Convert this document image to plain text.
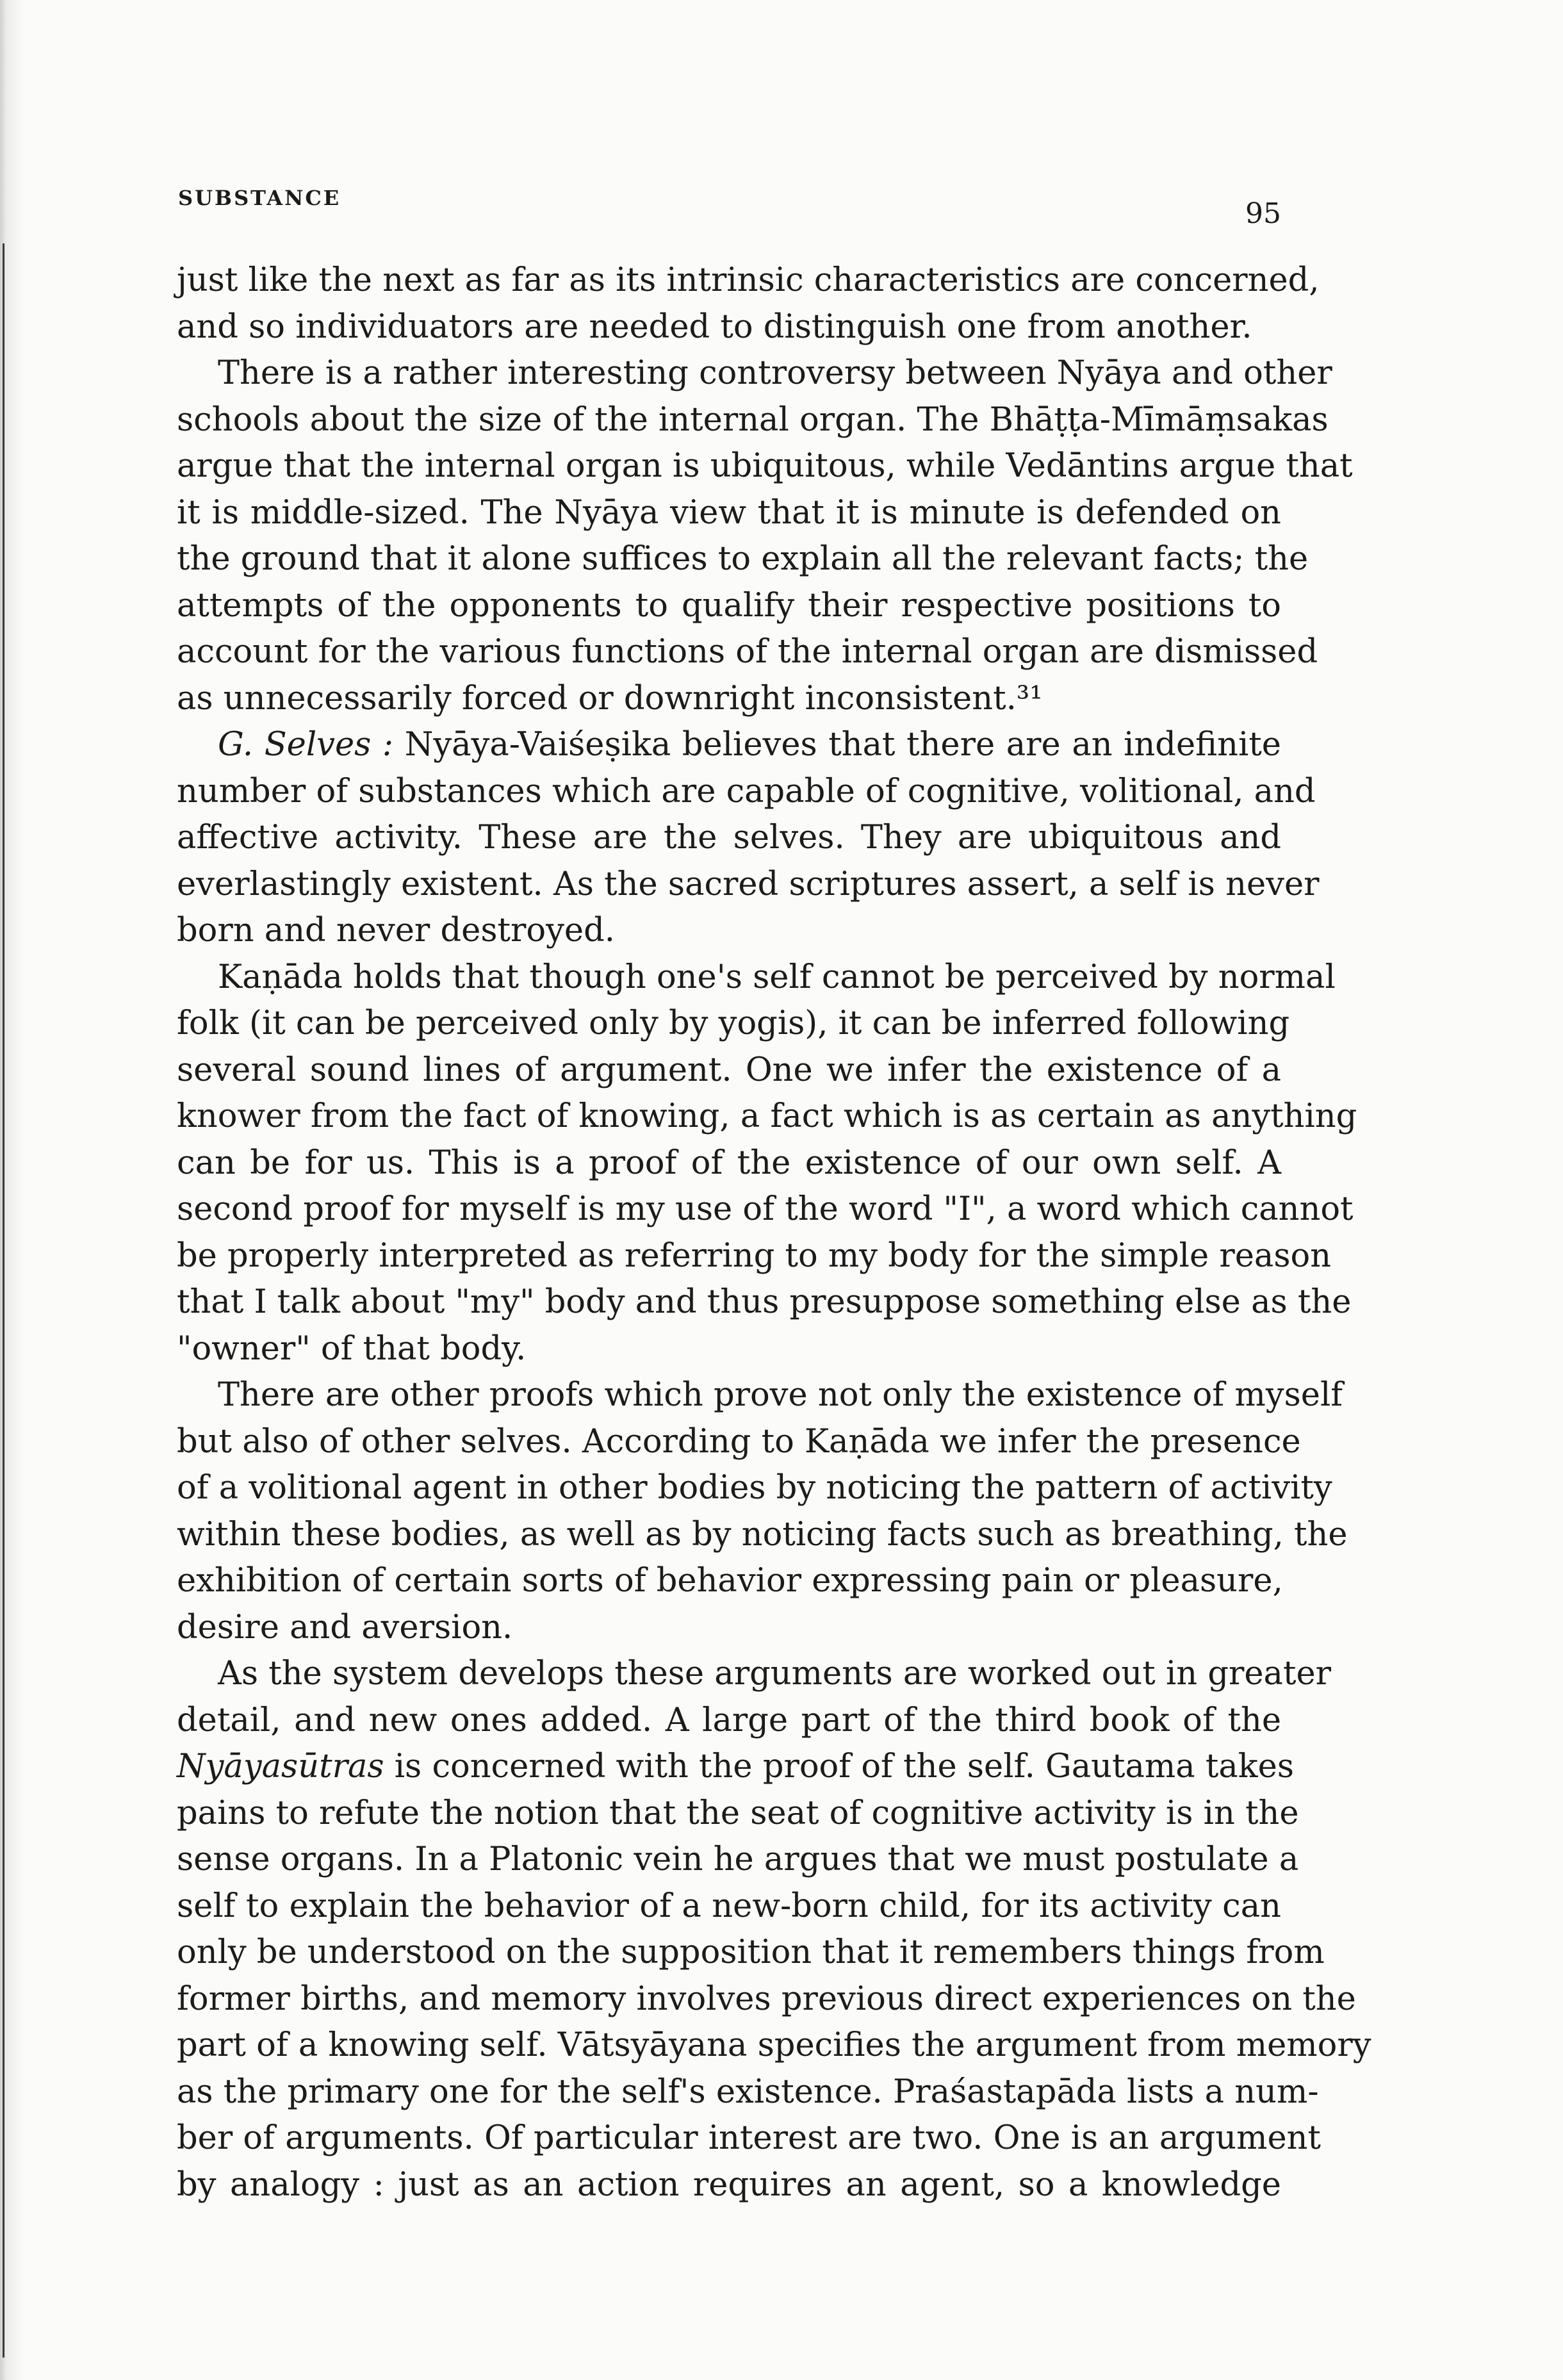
SUBSTANCE	95
just like the next as far as its intrinsic characteristics are concerned,
and so individuators are needed to distinguish one from another.
There is a rather interesting controversy between Nyāya and other
schools about the size of the internal organ. The Bhāṭṭa-Mīmāṃsakas
argue that the internal organ is ubiquitous, while Vedāntins argue that
it is middle-sized. The Nyāya view that it is minute is defended on
the ground that it alone suffices to explain all the relevant facts; the
attempts of the opponents to qualify their respective positions to
account for the various functions of the internal organ are dismissed
as unnecessarily forced or downright inconsistent.³¹
G. Selves : Nyāya-Vaiśeṣika believes that there are an indefinite
number of substances which are capable of cognitive, volitional, and
affective activity. These are the selves. They are ubiquitous and
everlastingly existent. As the sacred scriptures assert, a self is never
born and never destroyed.
Kaṇāda holds that though one's self cannot be perceived by normal
folk (it can be perceived only by yogis), it can be inferred following
several sound lines of argument. One we infer the existence of a
knower from the fact of knowing, a fact which is as certain as anything
can be for us. This is a proof of the existence of our own self. A
second proof for myself is my use of the word "I", a word which cannot
be properly interpreted as referring to my body for the simple reason
that I talk about "my" body and thus presuppose something else as the
"owner" of that body.
There are other proofs which prove not only the existence of myself
but also of other selves. According to Kaṇāda we infer the presence
of a volitional agent in other bodies by noticing the pattern of activity
within these bodies, as well as by noticing facts such as breathing, the
exhibition of certain sorts of behavior expressing pain or pleasure,
desire and aversion.
As the system develops these arguments are worked out in greater
detail, and new ones added. A large part of the third book of the
Nyāyasūtras is concerned with the proof of the self. Gautama takes
pains to refute the notion that the seat of cognitive activity is in the
sense organs. In a Platonic vein he argues that we must postulate a
self to explain the behavior of a new-born child, for its activity can
only be understood on the supposition that it remembers things from
former births, and memory involves previous direct experiences on the
part of a knowing self. Vātsyāyana specifies the argument from memory
as the primary one for the self's existence. Praśastapāda lists a num-
ber of arguments. Of particular interest are two. One is an argument
by analogy : just as an action requires an agent, so a knowledge
